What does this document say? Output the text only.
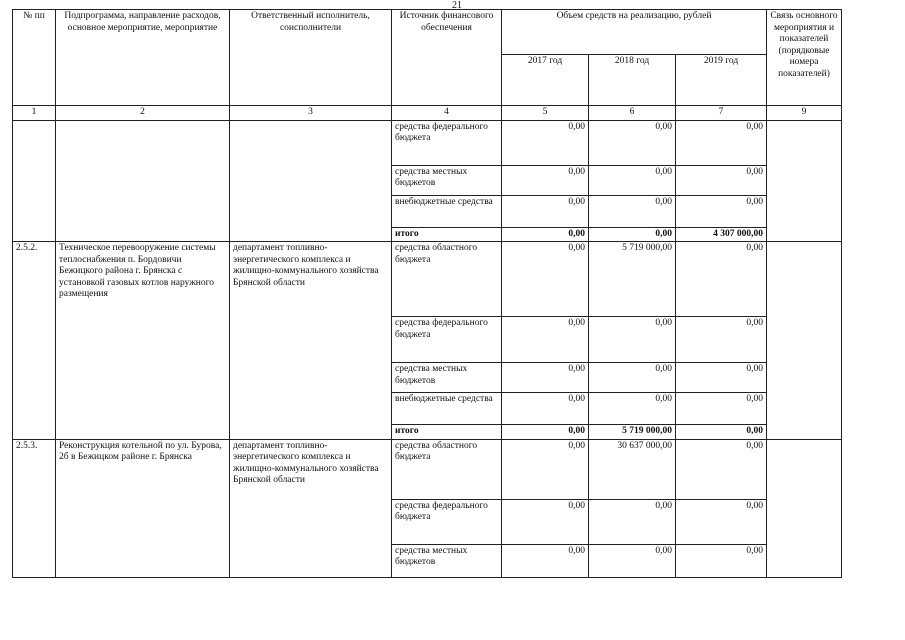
21
№ пп	Подпрограмма, направление расходов, основное мероприятие, мероприятие	Ответственный исполнитель, соисполнители	Источник финансового обеспечения	Объем средств на реализацию, рублей			Связь основного мероприятия и показателей (порядковые номера показателей)
				2017 год	2018 год	2019 год	
1	2	3	4	5	6	7	9
			средства федерального бюджета	0,00	0,00	0,00	
			средства местных бюджетов	0,00	0,00	0,00	
			внебюджетные средства	0,00	0,00	0,00	
			итого	0,00	0,00	4 307 000,00	
2.5.2.	Техническое перевооружение системы теплоснабжения п. Бордовичи Бежицкого района г. Брянска с установкой газовых котлов наружного размещения	департамент топливно-энергетического комплекса и жилищно-коммунального хозяйства Брянской области	средства областного бюджета	0,00	5 719 000,00	0,00	
			средства федерального бюджета	0,00	0,00	0,00	
			средства местных бюджетов	0,00	0,00	0,00	
			внебюджетные средства	0,00	0,00	0,00	
			итого	0,00	5 719 000,00	0,00	
2.5.3.	Реконструкция котельной по ул. Бурова, 2б в Бежицком районе г. Брянска	департамент топливно-энергетического комплекса и жилищно-коммунального хозяйства Брянской области	средства областного бюджета	0,00	30 637 000,00	0,00	
			средства федерального бюджета	0,00	0,00	0,00	
			средства местных бюджетов	0,00	0,00	0,00	
